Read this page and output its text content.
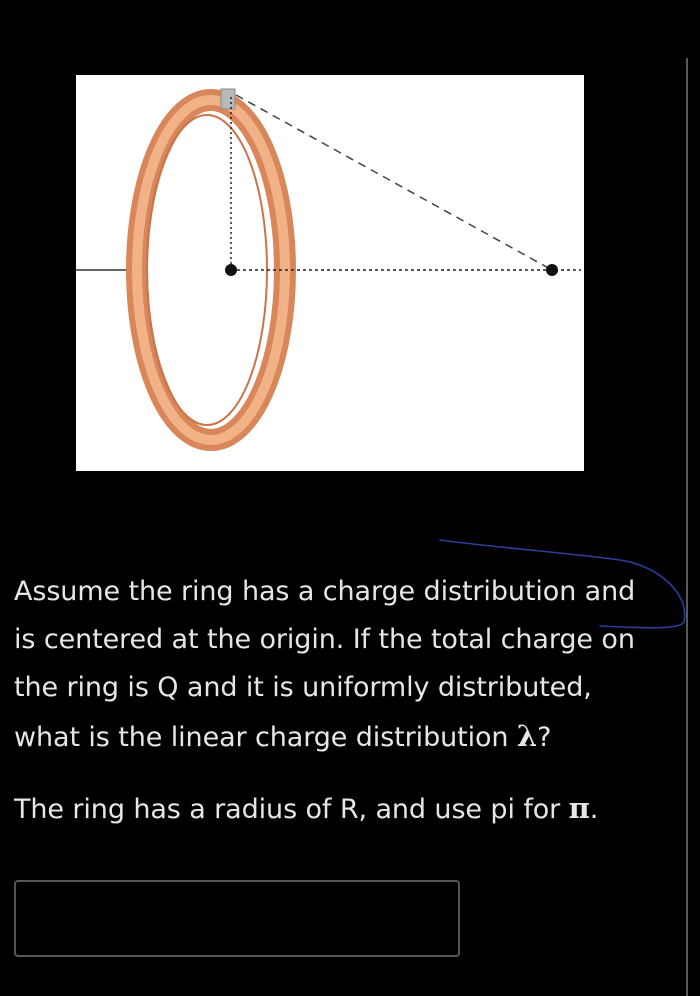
Assume the ring has a charge distribution and is centered at the origin. If the total charge on the ring is Q and it is uniformly distributed, what is the linear charge distribution λ?
The ring has a radius of R, and use pi for π.
